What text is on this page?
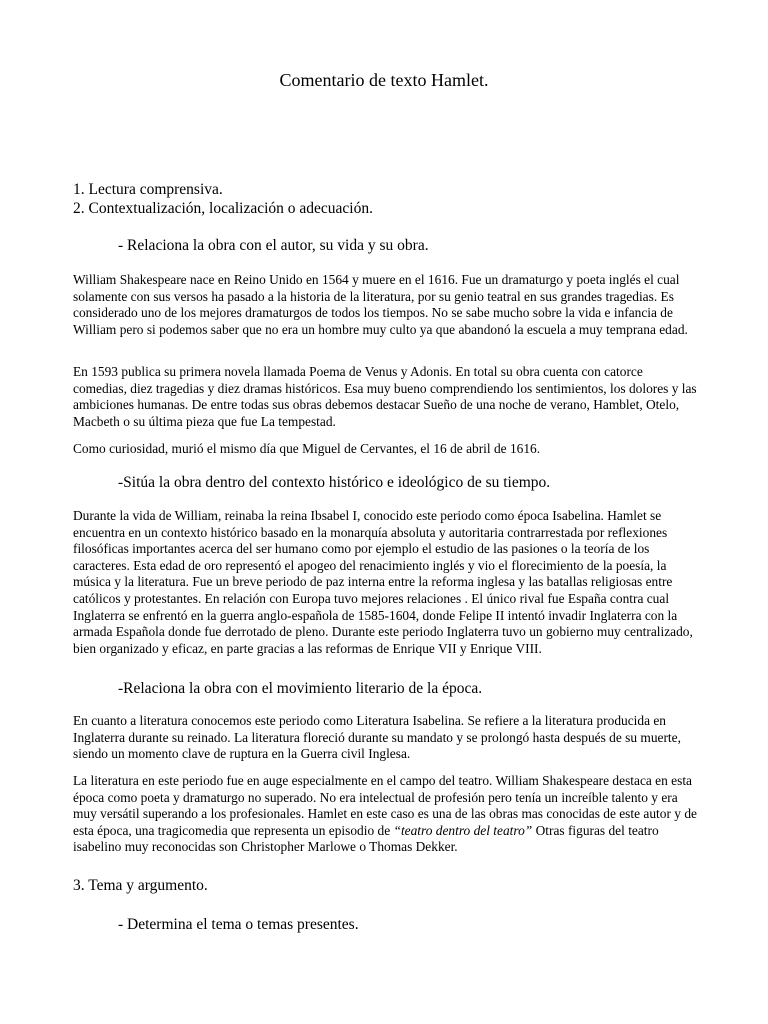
Comentario de texto Hamlet.
1. Lectura comprensiva.
2. Contextualización, localización o adecuación.
- Relaciona la obra con el autor, su vida y su obra.

William Shakespeare nace en Reino Unido en 1564 y muere en el 1616. Fue un dramaturgo y poeta inglés el cual solamente con sus versos ha pasado a la historia de la literatura, por su genio teatral en sus grandes tragedias. Es considerado uno de los mejores dramaturgos de todos los tiempos. No se sabe mucho sobre la vida e infancia de William pero si podemos saber que no era un hombre muy culto ya que abandonó la escuela a muy temprana edad.

En 1593 publica su primera novela llamada Poema de Venus y Adonis. En total su obra cuenta con catorce comedias, diez tragedias y diez dramas históricos. Esa muy bueno comprendiendo los sentimientos, los dolores y las ambiciones humanas. De entre todas sus obras debemos destacar Sueño de una noche de verano, Hamblet, Otelo, Macbeth o su última pieza que fue La tempestad.

Como curiosidad, murió el mismo día que Miguel de Cervantes, el 16 de abril de 1616.

-Sitúa la obra dentro del contexto histórico e ideológico de su tiempo.

Durante la vida de William, reinaba la reina Ibsabel I, conocido este periodo como época Isabelina. Hamlet se encuentra en un contexto histórico basado en la monarquía absoluta y autoritaria contrarrestada por reflexiones filosóficas importantes acerca del ser humano como por ejemplo el estudio de las pasiones o la teoría de los caracteres. Esta edad de oro representó el apogeo del renacimiento inglés y vio el florecimiento de la poesía, la música y la literatura. Fue un breve periodo de paz interna entre la reforma inglesa y las batallas religiosas entre católicos y protestantes. En relación con Europa tuvo mejores relaciones . El único rival fue España contra cual Inglaterra se enfrentó en la guerra anglo-española de 1585-1604, donde Felipe II intentó invadir Inglaterra con la armada Española donde fue derrotado de pleno. Durante este periodo Inglaterra tuvo un gobierno muy centralizado, bien organizado y eficaz, en parte gracias a las reformas de Enrique VII y Enrique VIII.

-Relaciona la obra con el movimiento literario de la época.

En cuanto a literatura conocemos este periodo como Literatura Isabelina. Se refiere a la literatura producida en Inglaterra durante su reinado. La literatura floreció durante su mandato y se prolongó hasta después de su muerte, siendo un momento clave de ruptura en la Guerra civil Inglesa.

La literatura en este periodo fue en auge especialmente en el campo del teatro. William Shakespeare destaca en esta época como poeta y dramaturgo no superado. No era intelectual de profesión pero tenía un increíble talento y era muy versátil superando a los profesionales. Hamlet en este caso es una de las obras mas conocidas de este autor y de esta época, una tragicomedia que representa un episodio de “teatro dentro del teatro” Otras figuras del teatro isabelino muy reconocidas son Christopher Marlowe o Thomas Dekker.

3. Tema y argumento.
- Determina el tema o temas presentes.
